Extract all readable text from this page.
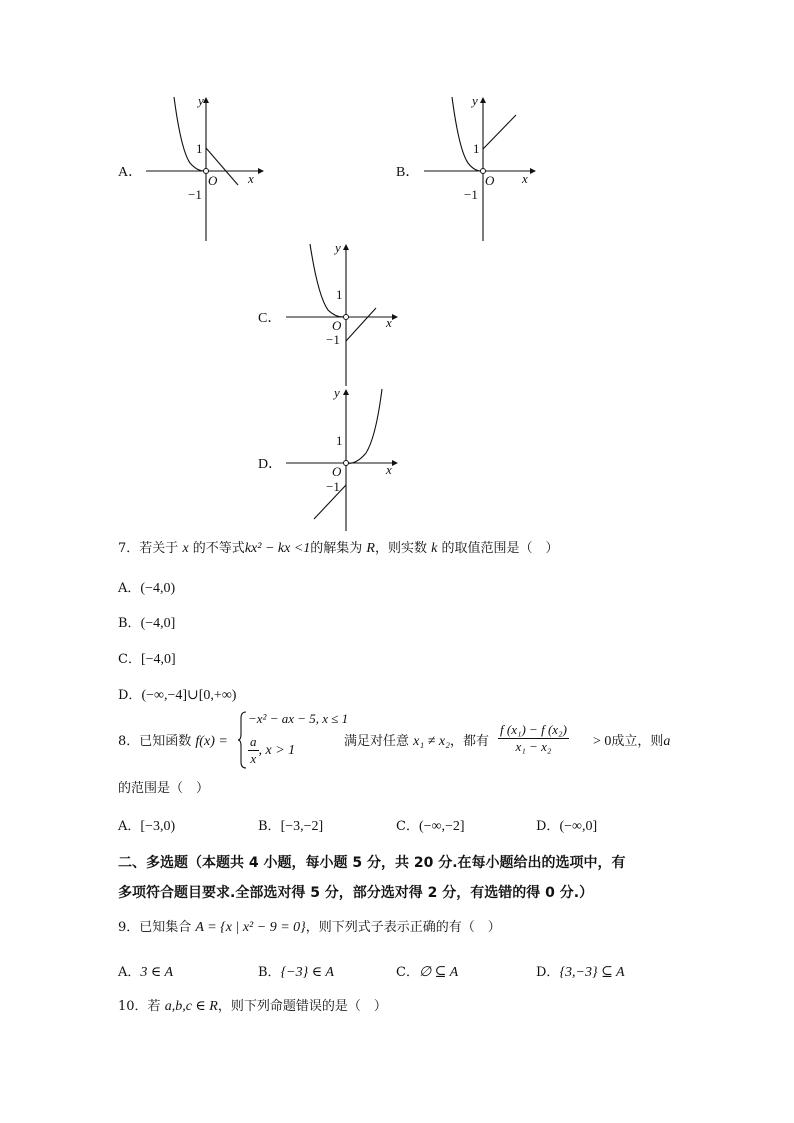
A．
y
x
O
1
−1
B．
y
x
O
1
−1
C．
y
x
O
1
−1
D．
y
x
O
1
−1
7．若关于 x 的不等式kx² − kx <1的解集为 R，则实数 k 的取值范围是（　）
A．(−4,0)
B．(−4,0]
C．[−4,0]
D．(−∞,−4]∪[0,+∞)
8．已知函数 f(x) =
−x² − ax − 5, x ≤ 1
$\frac{a}{x}$ , x > 1
满足对任意 x₁ ≠ x₂，都有 $\frac{\text{f (x₁) − f (x₂)}}{\text{x₁ − x₂}} > 0$成立，则a
的范围是（　）
A．[−3,0)	B．[−3,−2]	C．(−∞,−2]	D．(−∞,0]
二、多选题（本题共 4 小题，每小题 5 分，共 20 分.在每小题给出的选项中，有
多项符合题目要求.全部选对得 5 分，部分选对得 2 分，有选错的得 0 分.）
9．已知集合 A = {x | x² − 9 = 0}，则下列式子表示正确的有（　）
A．3 ∈ A	B．{−3} ∈ A	C．∅ ⊆ A	D．{3,−3} ⊆ A
10．若 a,b,c ∈ R，则下列命题错误的是（　）
